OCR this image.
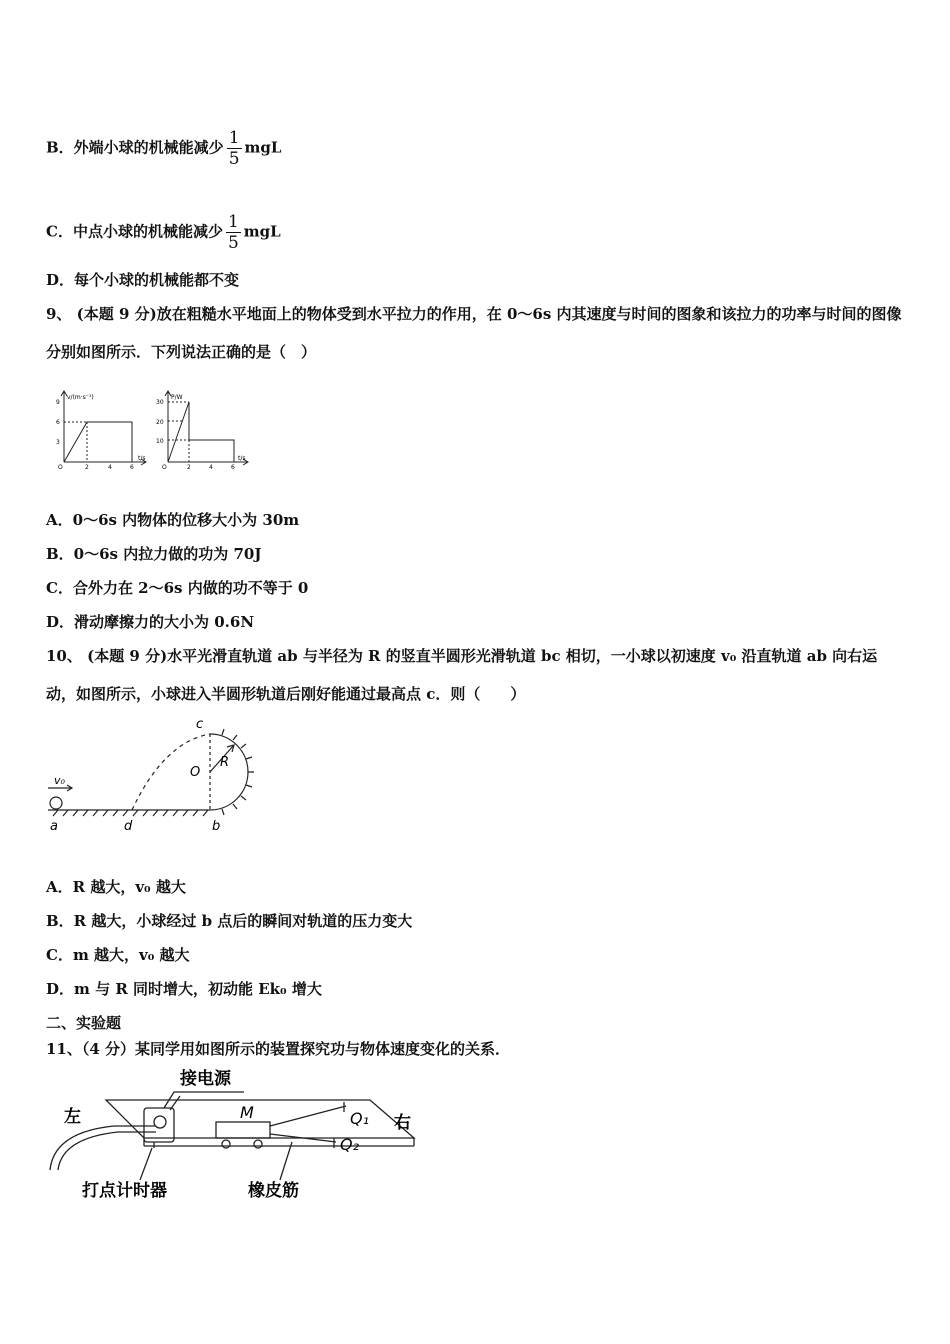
B．外端小球的机械能减少 $\frac{1}{5}$ mgL
C．中点小球的机械能减少 $\frac{1}{5}$ mgL
D．每个小球的机械能都不变
9、 (本题 9 分)放在粗糙水平地面上的物体受到水平拉力的作用，在 0～6s 内其速度与时间的图象和该拉力的功率与时间的图像分别如图所示．下列说法正确的是（　）
v/(m·s⁻¹)
9
6
3
O	2	4	6
t/s
P/W
30
20
10
O	2	4	6
t/s
A．0～6s 内物体的位移大小为 30m
B．0～6s 内拉力做的功为 70J
C．合外力在 2～6s 内做的功不等于 0
D．滑动摩擦力的大小为 0.6N
10、 (本题 9 分)水平光滑直轨道 ab 与半径为 R 的竖直半圆形光滑轨道 bc 相切，一小球以初速度 v₀ 沿直轨道 ab 向右运动，如图所示，小球进入半圆形轨道后刚好能通过最高点 c．则（　　）
c
O
R
v₀
a	d	b
A．R 越大，v₀ 越大
B．R 越大，小球经过 b 点后的瞬间对轨道的压力变大
C．m 越大，v₀ 越大
D．m 与 R 同时增大，初动能 Ek₀ 增大
二、实验题
11、（4 分）某同学用如图所示的装置探究功与物体速度变化的关系．
接电源
左	右
M	Q₁
Q₂
打点计时器	橡皮筋
